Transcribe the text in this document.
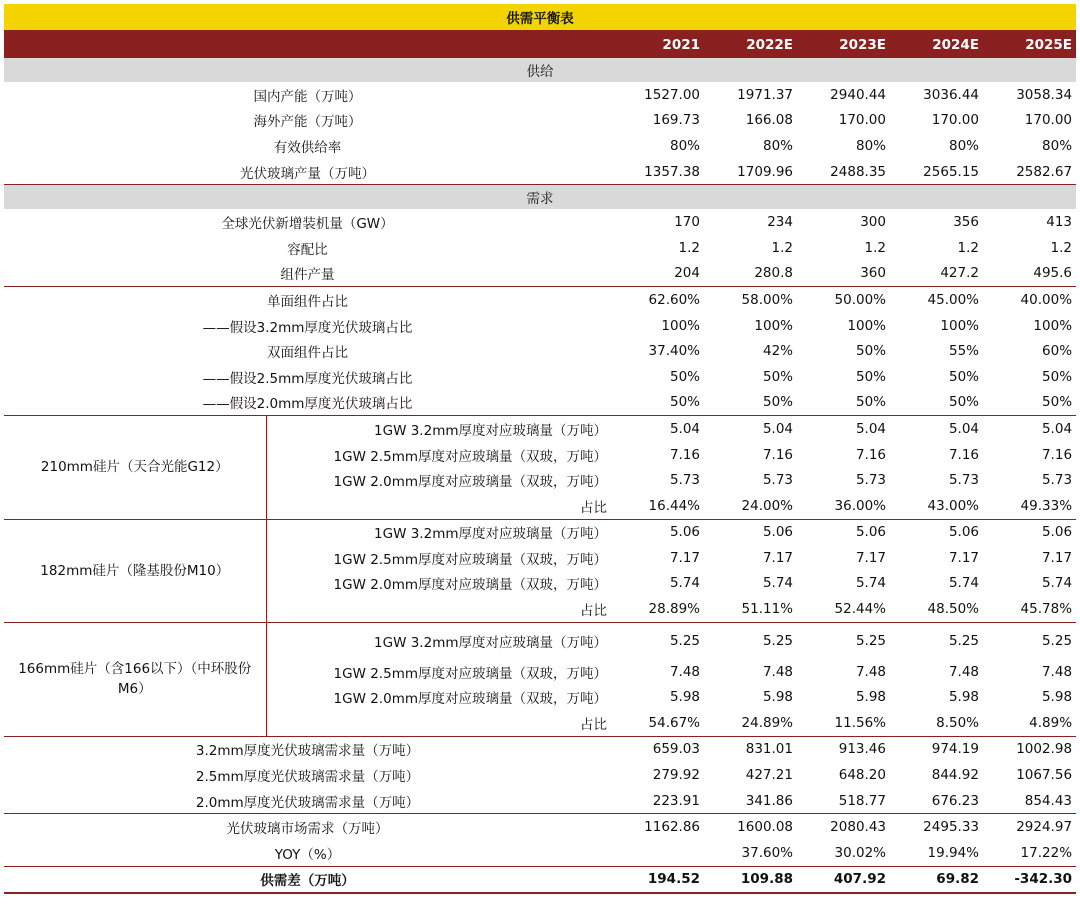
供需平衡表						
		2021	2022E	2023E	2024E	2025E
供给						
国内产能（万吨）		1527.00	1971.37	2940.44	3036.44	3058.34
海外产能（万吨）		169.73	166.08	170.00	170.00	170.00
有效供给率		80%	80%	80%	80%	80%
光伏玻璃产量（万吨）		1357.38	1709.96	2488.35	2565.15	2582.67
需求						
全球光伏新增装机量（GW）		170	234	300	356	413
容配比		1.2	1.2	1.2	1.2	1.2
组件产量		204	280.8	360	427.2	495.6
单面组件占比		62.60%	58.00%	50.00%	45.00%	40.00%
——假设3.2mm厚度光伏玻璃占比		100%	100%	100%	100%	100%
双面组件占比		37.40%	42%	50%	55%	60%
——假设2.5mm厚度光伏玻璃占比		50%	50%	50%	50%	50%
——假设2.0mm厚度光伏玻璃占比		50%	50%	50%	50%	50%
210mm硅片（天合光能G12）	1GW 3.2mm厚度对应玻璃量（万吨）	5.04	5.04	5.04	5.04	5.04
	1GW 2.5mm厚度对应玻璃量（双玻，万吨）	7.16	7.16	7.16	7.16	7.16
	1GW 2.0mm厚度对应玻璃量（双玻，万吨）	5.73	5.73	5.73	5.73	5.73
	占比	16.44%	24.00%	36.00%	43.00%	49.33%
182mm硅片（隆基股份M10）	1GW 3.2mm厚度对应玻璃量（万吨）	5.06	5.06	5.06	5.06	5.06
	1GW 2.5mm厚度对应玻璃量（双玻，万吨）	7.17	7.17	7.17	7.17	7.17
	1GW 2.0mm厚度对应玻璃量（双玻，万吨）	5.74	5.74	5.74	5.74	5.74
	占比	28.89%	51.11%	52.44%	48.50%	45.78%
166mm硅片（含166以下）（中环股份M6）	1GW 3.2mm厚度对应玻璃量（万吨）	5.25	5.25	5.25	5.25	5.25
	1GW 2.5mm厚度对应玻璃量（双玻，万吨）	7.48	7.48	7.48	7.48	7.48
	1GW 2.0mm厚度对应玻璃量（双玻，万吨）	5.98	5.98	5.98	5.98	5.98
	占比	54.67%	24.89%	11.56%	8.50%	4.89%
3.2mm厚度光伏玻璃需求量（万吨）		659.03	831.01	913.46	974.19	1002.98
2.5mm厚度光伏玻璃需求量（万吨）		279.92	427.21	648.20	844.92	1067.56
2.0mm厚度光伏玻璃需求量（万吨）		223.91	341.86	518.77	676.23	854.43
光伏玻璃市场需求（万吨）		1162.86	1600.08	2080.43	2495.33	2924.97
YOY（%）			37.60%	30.02%	19.94%	17.22%
供需差（万吨）		194.52	109.88	407.92	69.82	-342.30
